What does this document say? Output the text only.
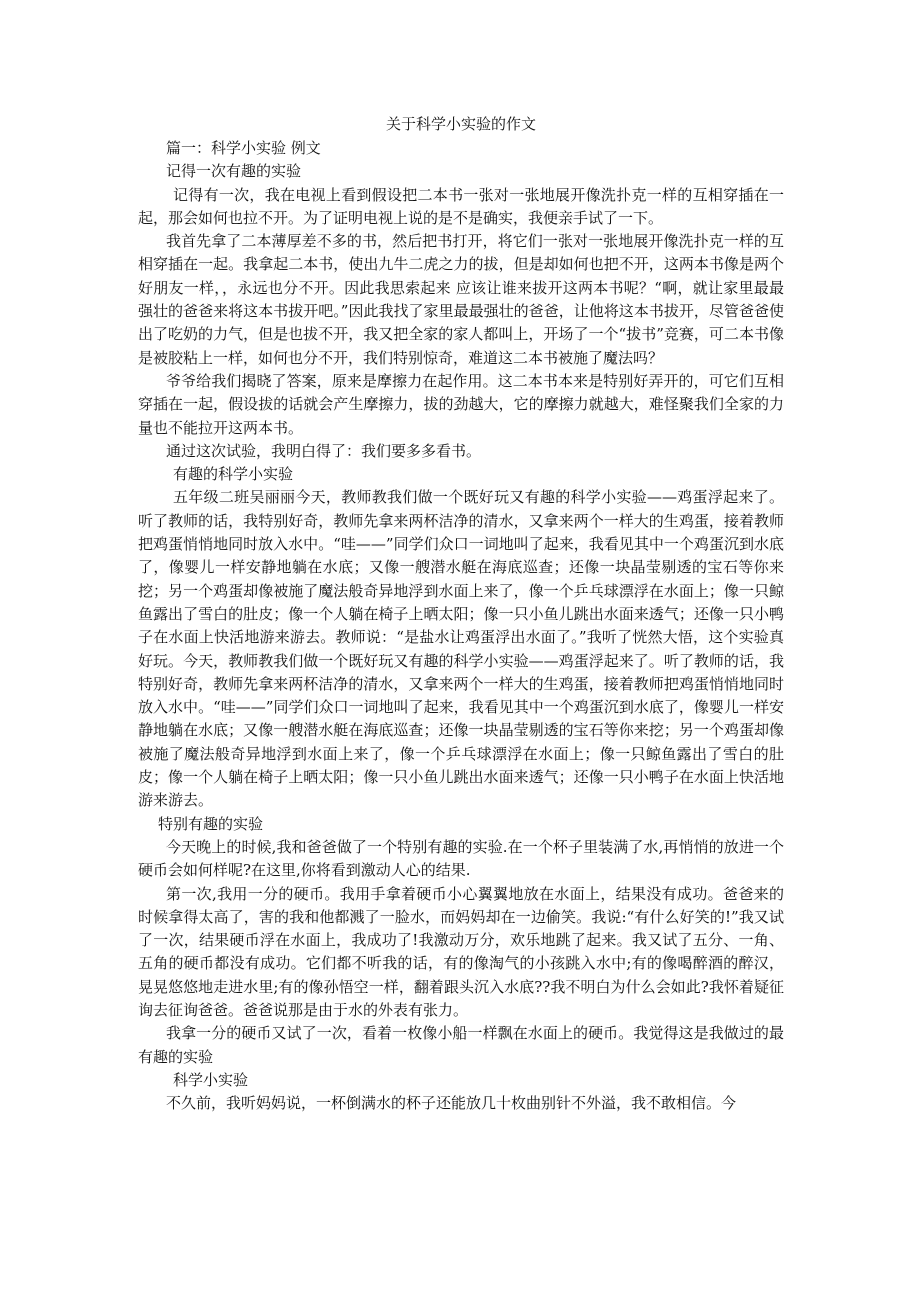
关于科学小实验的作文
篇一：科学小实验 例文
记得一次有趣的实验

记得有一次，我在电视上看到假设把二本书一张对一张地展开像洗扑克一样的互相穿插在一起，那会如何也拉不开。为了证明电视上说的是不是确实，我便亲手试了一下。

我首先拿了二本薄厚差不多的书，然后把书打开，将它们一张对一张地展开像洗扑克一样的互相穿插在一起。我拿起二本书，使出九牛二虎之力的拔，但是却如何也把不开，这两本书像是两个好朋友一样，，永远也分不开。因此我思索起来 应该让谁来拔开这两本书呢？“啊，就让家里最最强壮的爸爸来将这本书拔开吧。”因此我找了家里最最强壮的爸爸，让他将这本书拔开，尽管爸爸使出了吃奶的力气，但是也拔不开，我又把全家的家人都叫上，开场了一个“拔书”竞赛，可二本书像是被胶粘上一样，如何也分不开，我们特别惊奇，难道这二本书被施了魔法吗？

爷爷给我们揭晓了答案，原来是摩擦力在起作用。这二本书本来是特别好弄开的，可它们互相穿插在一起，假设拔的话就会产生摩擦力，拔的劲越大，它的摩擦力就越大，难怪聚我们全家的力量也不能拉开这两本书。

通过这次试验，我明白得了：我们要多多看书。

有趣的科学小实验

五年级二班吴丽丽今天，教师教我们做一个既好玩又有趣的科学小实验——鸡蛋浮起来了。听了教师的话，我特别好奇，教师先拿来两杯洁净的清水，又拿来两个一样大的生鸡蛋，接着教师把鸡蛋悄悄地同时放入水中。“哇——”同学们众口一词地叫了起来，我看见其中一个鸡蛋沉到水底了，像婴儿一样安静地躺在水底；又像一艘潜水艇在海底巡查；还像一块晶莹剔透的宝石等你来挖；另一个鸡蛋却像被施了魔法般奇异地浮到水面上来了，像一个乒乓球漂浮在水面上；像一只鲸鱼露出了雪白的肚皮；像一个人躺在椅子上晒太阳；像一只小鱼儿跳出水面来透气；还像一只小鸭子在水面上快活地游来游去。教师说：“是盐水让鸡蛋浮出水面了。”我听了恍然大悟，这个实验真好玩。今天，教师教我们做一个既好玩又有趣的科学小实验——鸡蛋浮起来了。听了教师的话，我特别好奇，教师先拿来两杯洁净的清水，又拿来两个一样大的生鸡蛋，接着教师把鸡蛋悄悄地同时放入水中。“哇——”同学们众口一词地叫了起来，我看见其中一个鸡蛋沉到水底了，像婴儿一样安静地躺在水底；又像一艘潜水艇在海底巡查；还像一块晶莹剔透的宝石等你来挖；另一个鸡蛋却像被施了魔法般奇异地浮到水面上来了，像一个乒乓球漂浮在水面上；像一只鲸鱼露出了雪白的肚皮；像一个人躺在椅子上晒太阳；像一只小鱼儿跳出水面来透气；还像一只小鸭子在水面上快活地游来游去。

特别有趣的实验

今天晚上的时候,我和爸爸做了一个特别有趣的实验.在一个杯子里装满了水,再悄悄的放进一个硬币会如何样呢?在这里,你将看到激动人心的结果.

第一次,我用一分的硬币。我用手拿着硬币小心翼翼地放在水面上，结果没有成功。爸爸来的时候拿得太高了，害的我和他都溅了一脸水，而妈妈却在一边偷笑。我说:“有什么好笑的!”我又试了一次，结果硬币浮在水面上，我成功了!我激动万分，欢乐地跳了起来。我又试了五分、一角、五角的硬币都没有成功。它们都不听我的话，有的像淘气的小孩跳入水中;有的像喝醉酒的醉汉，晃晃悠悠地走进水里;有的像孙悟空一样，翻着跟头沉入水底??我不明白为什么会如此?我怀着疑征询去征询爸爸。爸爸说那是由于水的外表有张力。

我拿一分的硬币又试了一次，看着一枚像小船一样飘在水面上的硬币。我觉得这是我做过的最有趣的实验

科学小实验

不久前，我听妈妈说，一杯倒满水的杯子还能放几十枚曲别针不外溢，我不敢相信。今
